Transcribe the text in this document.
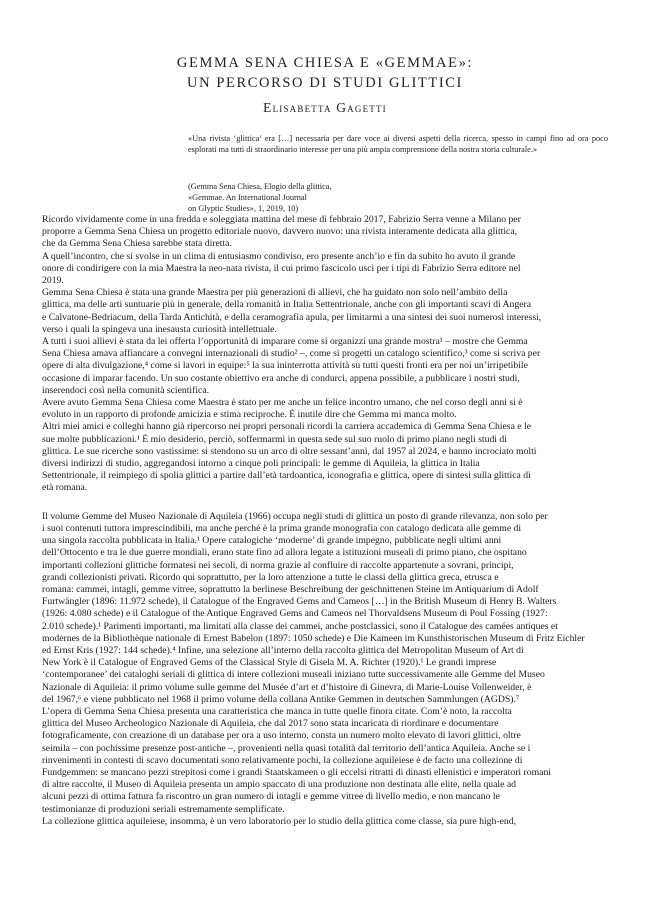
GEMMA SENA CHIESA E «GEMMAE»:
UN PERCORSO DI STUDI GLITTICI
Elisabetta Gagetti
«Una rivista ‘glittica’ era […] necessaria per dare voce ai diversi aspetti della ricerca, spesso in campi fino ad ora poco esplorati ma tutti di straordinario interesse per una più ampia comprensione della nostra storia culturale.»
(Gemma Sena Chiesa, Elogio della glittica,
«Gemmae. An International Journal
on Glyptic Studies», 1, 2019, 10)
Ricordo vividamente come in una fredda e soleggiata mattina del mese di febbraio 2017, Fabrizio Serra venne a Milano per
proporre a Gemma Sena Chiesa un progetto editoriale nuovo, davvero nuovo: una rivista interamente dedicata alla glittica,
che da Gemma Sena Chiesa sarebbe stata diretta.
A quell’incontro, che si svolse in un clima di entusiasmo condiviso, ero presente anch’io e fin da subito ho avuto il grande
onore di condirigere con la mia Maestra la neo-nata rivista, il cui primo fascicolo uscì per i tipi di Fabrizio Serra editore nel
2019.
Gemma Sena Chiesa è stata una grande Maestra per più generazioni di allievi, che ha guidato non solo nell’ambito della
glittica, ma delle arti suntuarie più in generale, della romanità in Italia Settentrionale, anche con gli importanti scavi di Angera
e Calvatone-Bedriacum, della Tarda Antichità, e della ceramografia apula, per limitarmi a una sintesi dei suoi numerosi interessi,
verso i quali la spingeva una inesausta curiosità intellettuale.
A tutti i suoi allievi è stata da lei offerta l’opportunità di imparare come si organizzi una grande mostra¹ – mostre che Gemma
Sena Chiesa amava affiancare a convegni internazionali di studio² –, come si progetti un catalogo scientifico,³ come si scriva per
opere di alta divulgazione,⁴ come si lavori in equipe:⁵ la sua ininterrotta attività su tutti questi fronti era per noi un’irripetibile
occasione di imparar facendo. Un suo costante obiettivo era anche di condurci, appena possibile, a pubblicare i nostri studi,
inserendoci così nella comunità scientifica.
Avere avuto Gemma Sena Chiesa come Maestra è stato per me anche un felice incontro umano, che nel corso degli anni si è
evoluto in un rapporto di profonde amicizia e stima reciproche. È inutile dire che Gemma mi manca molto.
Altri miei amici e colleghi hanno già ripercorso nei propri personali ricordi la carriera accademica di Gemma Sena Chiesa e le
sue molte pubblicazioni.¹ È mio desiderio, perciò, soffermarmi in questa sede sul suo ruolo di primo piano negli studi di
glittica. Le sue ricerche sono vastissime: si stendono su un arco di oltre sessant’anni, dal 1957 al 2024, e hanno incrociato molti
diversi indirizzi di studio, aggregandosi intorno a cinque poli principali: le gemme di Aquileia, la glittica in Italia
Settentrionale, il reimpiego di spolia glittici a partire dall’età tardoantica, iconografia e glittica, opere di sintesi sulla glittica di
età romana.
Il volume Gemme del Museo Nazionale di Aquileia (1966) occupa negli studi di glittica un posto di grande rilevanza, non solo per
i suoi contenuti tuttora imprescindibili, ma anche perché è la prima grande monografia con catalogo dedicata alle gemme di
una singola raccolta pubblicata in Italia.¹ Opere catalogiche ‘moderne’ di grande impegno, pubblicate negli ultimi anni
dell’Ottocento e tra le due guerre mondiali, erano state fino ad allora legate a istituzioni museali di primo piano, che ospitano
importanti collezioni glittiche formatesi nei secoli, di norma grazie al confluire di raccolte appartenute a sovrani, principi,
grandi collezionisti privati. Ricordo qui soprattutto, per la loro attenzione a tutte le classi della glittica greca, etrusca e
romana: cammei, intagli, gemme vitree, soprattutto la berlinese Beschreibung der geschnittenen Steine im Antiquarium di Adolf
Furtwängler (1896: 11.972 schede), il Catalogue of the Engraved Gems and Cameos […] in the British Museum di Henry B. Walters
(1926: 4.080 schede) e il Catalogue of the Antique Engraved Gems and Cameos nel Thorvaldsens Museum di Poul Fossing (1927:
2.010 schede).¹ Parimenti importanti, ma limitati alla classe dei cammei, anche postclassici, sono il Catalogue des camées antiques et
modernes de la Bibliothèque nationale di Ernest Babelon (1897: 1050 schede) e Die Kameen im Kunsthistorischen Museum di Fritz Eichler
ed Ernst Kris (1927: 144 schede).⁴ Infine, una selezione all’interno della raccolta glittica del Metropolitan Museum of Art di
New York è il Catalogue of Engraved Gems of the Classical Style di Gisela M. A. Richter (1920).¹ Le grandi imprese
‘contemporanee’ dei cataloghi seriali di glittica di intere collezioni museali iniziano tutte successivamente alle Gemme del Museo
Nazionale di Aquileia: il primo volume sulle gemme del Musée d’art et d’histoire di Ginevra, di Marie-Louise Vollenweider, è
del 1967,⁶ e viene pubblicato nel 1968 il primo volume della collana Antike Gemmen in deutschen Sammlungen (AGDS).⁷
L’opera di Gemma Sena Chiesa presenta una caratteristica che manca in tutte quelle finora citate. Com’è noto, la raccolta
glittica del Museo Archeologico Nazionale di Aquileia, che dal 2017 sono stata incaricata di riordinare e documentare
fotograficamente, con creazione di un database per ora a uso interno, consta un numero molto elevato di lavori glittici, oltre
seimila – con pochissime presenze post-antiche –, provenienti nella quasi totalità dal territorio dell’antica Aquileia. Anche se i
rinvenimenti in contesti di scavo documentati sono relativamente pochi, la collezione aquileiese è de facto una collezione di
Fundgemmen: se mancano pezzi strepitosi come i grandi Staatskameen o gli eccelsi ritratti di dinasti ellenistici e imperatori romani
di altre raccolte, il Museo di Aquileia presenta un ampio spaccato di una produzione non destinata alle elite, nella quale ad
alcuni pezzi di ottima fattura fa riscontro un gran numero di intagli e gemme vitree di livello medio, e non mancano le
testimonianze di produzioni seriali estremamente semplificate.
La collezione glittica aquileiese, insomma, è un vero laboratorio per lo studio della glittica come classe, sia pure high-end,
